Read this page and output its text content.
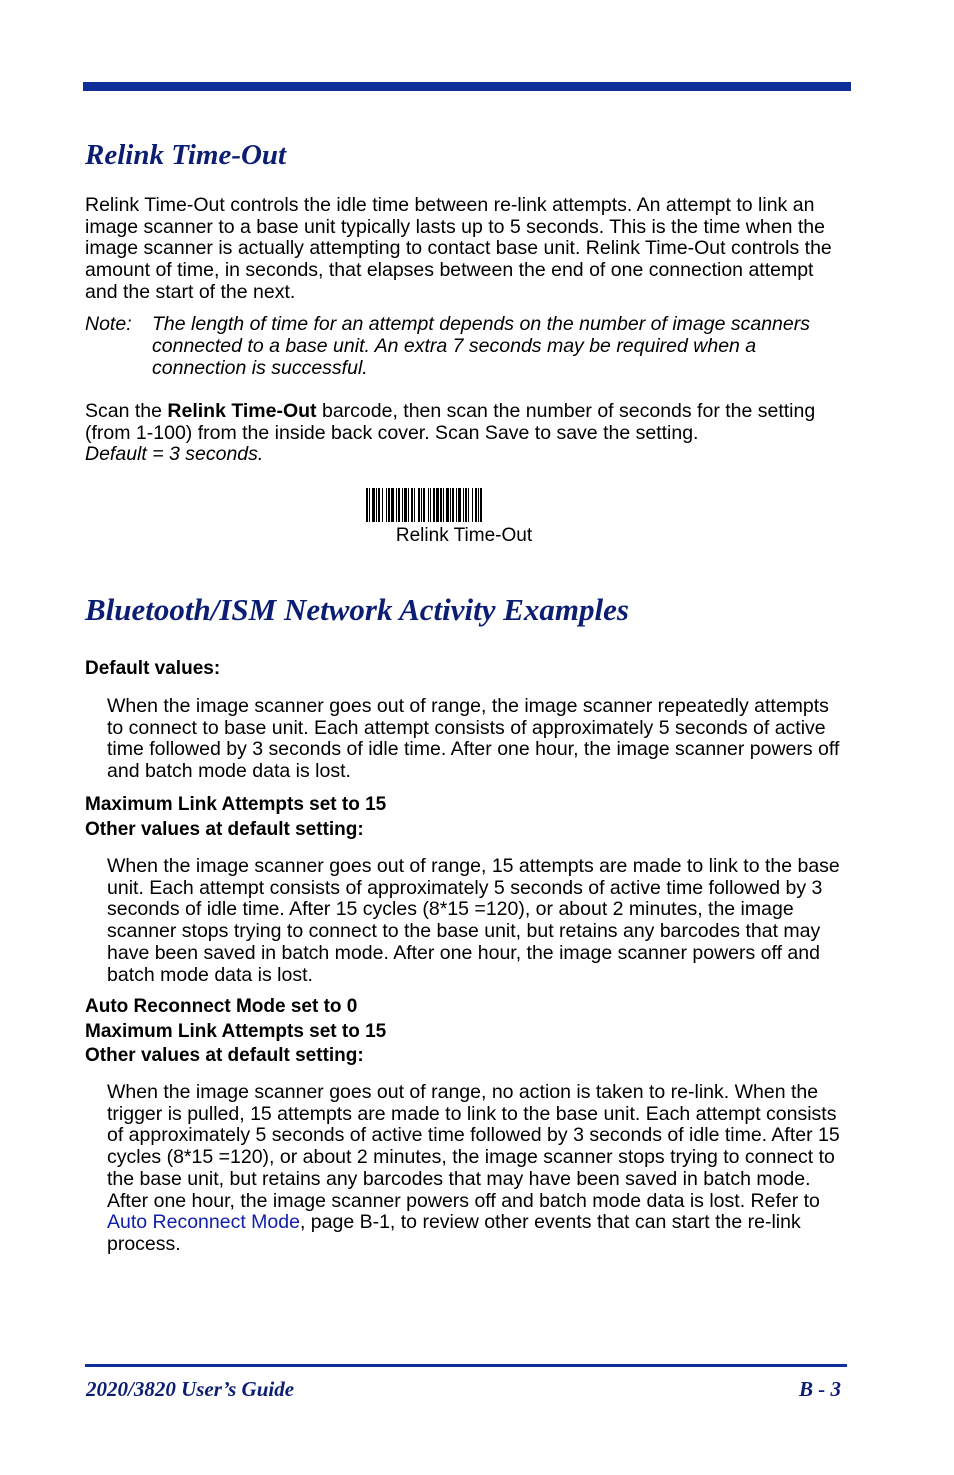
Relink Time-Out

Relink Time-Out controls the idle time between re-link attempts. An attempt to link an image scanner to a base unit typically lasts up to 5 seconds. This is the time when the image scanner is actually attempting to contact base unit. Relink Time-Out controls the amount of time, in seconds, that elapses between the end of one connection attempt and the start of the next.

Note: The length of time for an attempt depends on the number of image scanners connected to a base unit. An extra 7 seconds may be required when a connection is successful.

Scan the Relink Time-Out barcode, then scan the number of seconds for the setting (from 1-100) from the inside back cover. Scan Save to save the setting.
Default = 3 seconds.

Relink Time-Out
Bluetooth/ISM Network Activity Examples

Default values:

When the image scanner goes out of range, the image scanner repeatedly attempts to connect to base unit. Each attempt consists of approximately 5 seconds of active time followed by 3 seconds of idle time. After one hour, the image scanner powers off and batch mode data is lost.

Maximum Link Attempts set to 15
Other values at default setting:

When the image scanner goes out of range, 15 attempts are made to link to the base unit. Each attempt consists of approximately 5 seconds of active time followed by 3 seconds of idle time. After 15 cycles (8*15 =120), or about 2 minutes, the image scanner stops trying to connect to the base unit, but retains any barcodes that may have been saved in batch mode. After one hour, the image scanner powers off and batch mode data is lost.

Auto Reconnect Mode set to 0
Maximum Link Attempts set to 15
Other values at default setting:

When the image scanner goes out of range, no action is taken to re-link. When the trigger is pulled, 15 attempts are made to link to the base unit. Each attempt consists of approximately 5 seconds of active time followed by 3 seconds of idle time. After 15 cycles (8*15 =120), or about 2 minutes, the image scanner stops trying to connect to the base unit, but retains any barcodes that may have been saved in batch mode. After one hour, the image scanner powers off and batch mode data is lost. Refer to Auto Reconnect Mode, page B-1, to review other events that can start the re-link process.

2020/3820 User’s Guide	B - 3
